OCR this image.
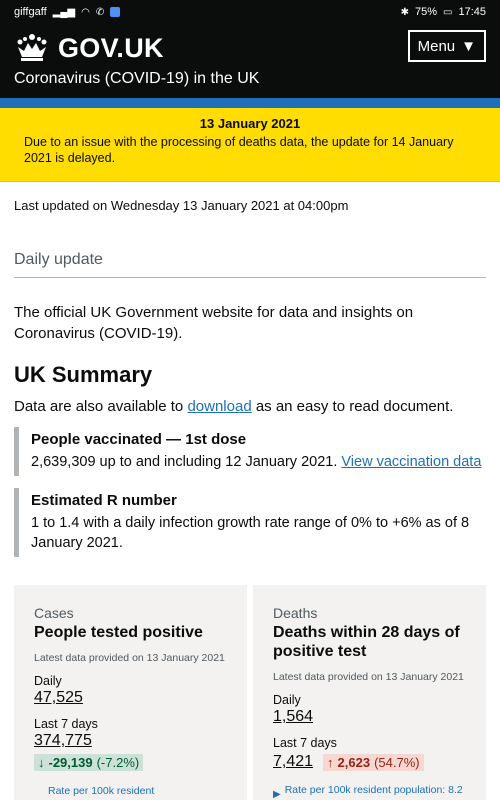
giffgaff ▂▄▆ ◠ ✆	✱ 75% ▭ 17:45
GOV.UK	Menu ▼
Coronavirus (COVID-19) in the UK
13 January 2021
Due to an issue with the processing of deaths data, the update for 14 January 2021 is delayed.
Last updated on Wednesday 13 January 2021 at 04:00pm
Daily update

The official UK Government website for data and insights on Coronavirus (COVID-19).

UK Summary

Data are also available to download as an easy to read document.

People vaccinated — 1st dose
2,639,309 up to and including 12 January 2021. View vaccination data
Estimated R number
1 to 1.4 with a daily infection growth rate range of 0% to +6% as of 8 January 2021.
Cases
People tested positive
Latest data provided on 13 January 2021
Daily
47,525
Last 7 days
374,775
↓ -29,139 (-7.2%)
Rate per 100k resident
Deaths
Deaths within 28 days of positive test
Latest data provided on 13 January 2021
Daily
1,564
Last 7 days
7,421 ↑ 2,623 (54.7%)
▶ Rate per 100k resident population: 8.2
